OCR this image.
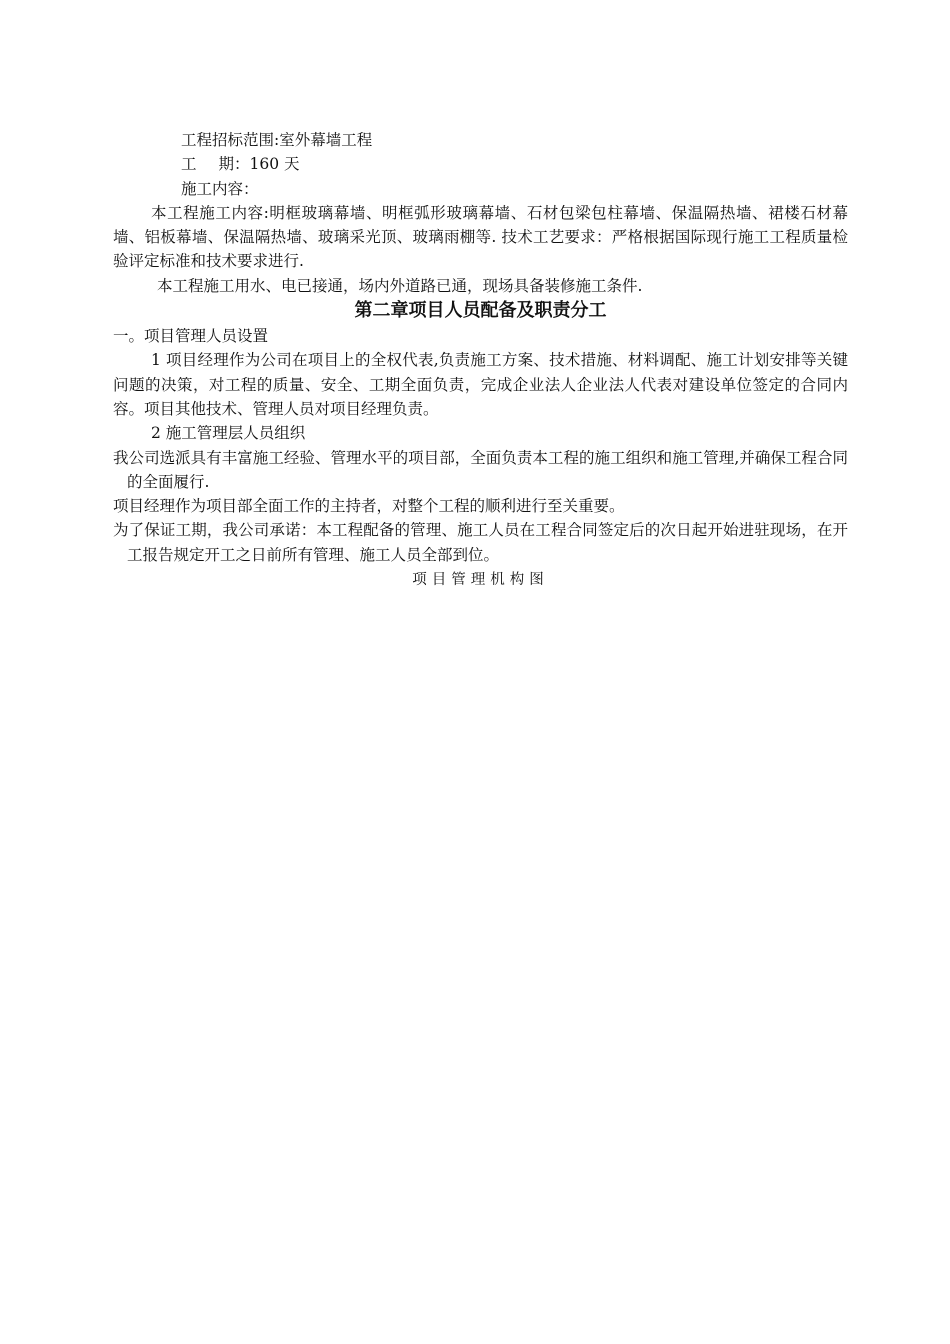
工程招标范围:室外幕墙工程
工 期：160 天
施工内容：
本工程施工内容:明框玻璃幕墙、明框弧形玻璃幕墙、石材包梁包柱幕墙、保温隔热墙、裙楼石材幕墙、铝板幕墙、保温隔热墙、玻璃采光顶、玻璃雨棚等. 技术工艺要求：严格根据国际现行施工工程质量检验评定标准和技术要求进行.
本工程施工用水、电已接通，场内外道路已通，现场具备装修施工条件.
第二章项目人员配备及职责分工
一。项目管理人员设置
1 项目经理作为公司在项目上的全权代表,负责施工方案、技术措施、材料调配、施工计划安排等关键问题的决策，对工程的质量、安全、工期全面负责，完成企业法人企业法人代表对建设单位签定的合同内容。项目其他技术、管理人员对项目经理负责。
2 施工管理层人员组织
我公司选派具有丰富施工经验、管理水平的项目部，全面负责本工程的施工组织和施工管理,并确保工程合同的全面履行.
项目经理作为项目部全面工作的主持者，对整个工程的顺利进行至关重要。
为了保证工期，我公司承诺：本工程配备的管理、施工人员在工程合同签定后的次日起开始进驻现场，在开工报告规定开工之日前所有管理、施工人员全部到位。
项目管理机构图
